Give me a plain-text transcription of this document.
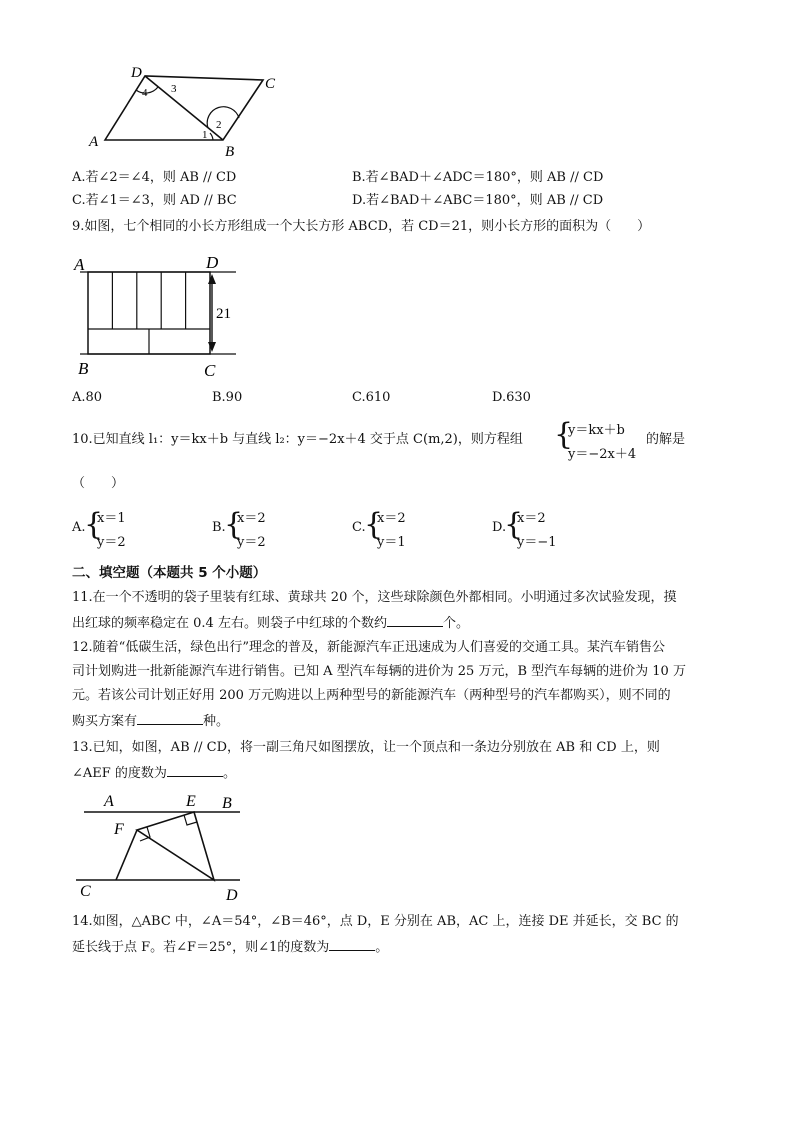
D
C
A
B
4 3
2
1
A.若∠2＝∠4，则 AB // CD	B.若∠BAD＋∠ADC＝180°，则 AB // CD
C.若∠1＝∠3，则 AD // BC	D.若∠BAD＋∠ABC＝180°，则 AB // CD
9.如图，七个相同的小长方形组成一个大长方形 ABCD，若 CD＝21，则小长方形的面积为（　　）
A	D
B	C
21
A.80	B.90	C.610	D.630
10.已知直线 l₁：y＝kx＋b 与直线 l₂：y＝−2x＋4 交于点 C(m,2)，则方程组 {
y＝kx＋b
y＝−2x＋4
的解是
（　　）
A.
{
x＝1
y＝2
B.
{
x＝2
y＝2
C.
{
x＝2
y＝1
D.
{
x＝2
y＝−1
二、填空题（本题共 5 个小题）
11.在一个不透明的袋子里装有红球、黄球共 20 个，这些球除颜色外都相同。小明通过多次试验发现，摸
出红球的频率稳定在 0.4 左右。则袋子中红球的个数约	个。
12.随着“低碳生活，绿色出行”理念的普及，新能源汽车正迅速成为人们喜爱的交通工具。某汽车销售公
司计划购进一批新能源汽车进行销售。已知 A 型汽车每辆的进价为 25 万元，B 型汽车每辆的进价为 10 万
元。若该公司计划正好用 200 万元购进以上两种型号的新能源汽车（两种型号的汽车都购买），则不同的
购买方案有	种。
13.已知，如图，AB // CD，将一副三角尺如图摆放，让一个顶点和一条边分别放在 AB 和 CD 上，则
∠AEF 的度数为	。
A	E B
F
C	D
14.如图，△ABC 中，∠A＝54°，∠B＝46°，点 D，E 分别在 AB，AC 上，连接 DE 并延长，交 BC 的
延长线于点 F。若∠F＝25°，则∠1的度数为	。
